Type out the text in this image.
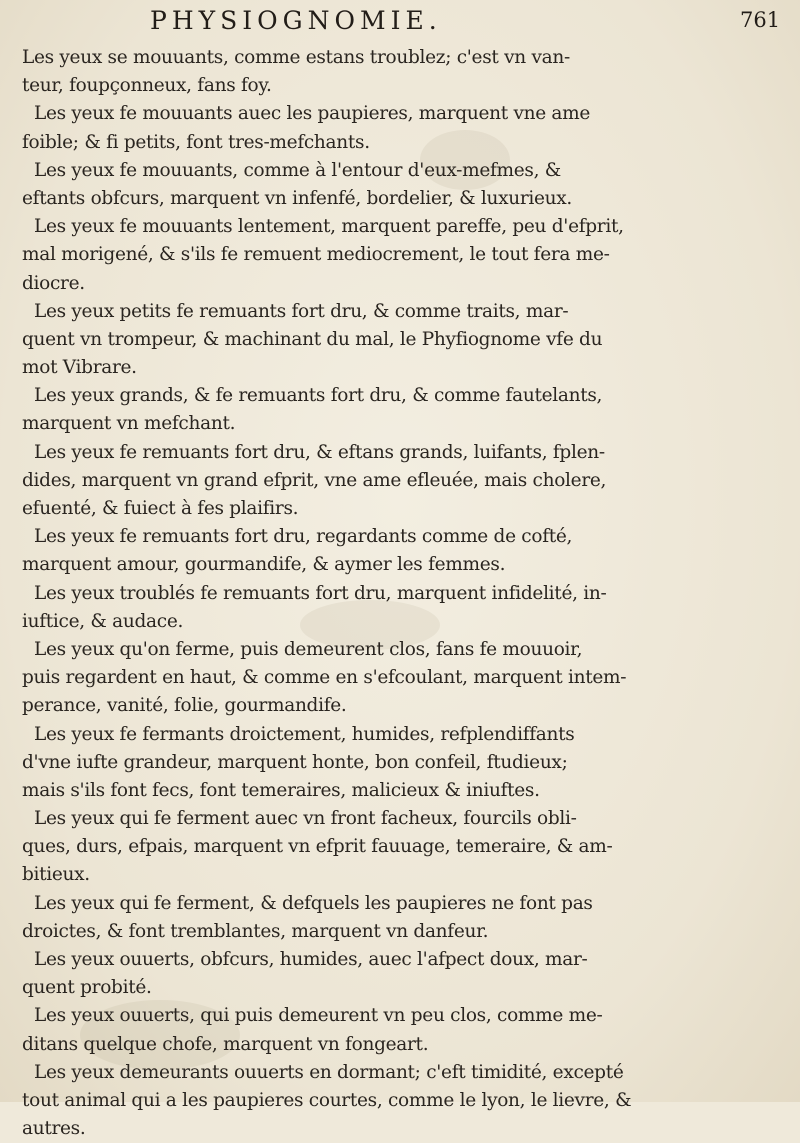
PHYSIOGNOMIE.	761
Les yeux se mouuants, comme estans troublez; c'est vn van-
teur, foupçonneux, fans foy.
Les yeux fe mouuants auec les paupieres, marquent vne ame
foible; & fi petits, font tres-mefchants.
Les yeux fe mouuants, comme à l'entour d'eux-mefmes, &
eftants obfcurs, marquent vn infenfé, bordelier, & luxurieux.
Les yeux fe mouuants lentement, marquent pareffe, peu d'efprit,
mal morigené, & s'ils fe remuent mediocrement, le tout fera me-
diocre.
Les yeux petits fe remuants fort dru, & comme traits, mar-
quent vn trompeur, & machinant du mal, le Phyfiognome vfe du
mot Vibrare.
Les yeux grands, & fe remuants fort dru, & comme fautelants,
marquent vn mefchant.
Les yeux fe remuants fort dru, & eftans grands, luifants, fplen-
dides, marquent vn grand efprit, vne ame efleuée, mais cholere,
efuenté, & fuiect à fes plaifirs.
Les yeux fe remuants fort dru, regardants comme de cofté,
marquent amour, gourmandife, & aymer les femmes.
Les yeux troublés fe remuants fort dru, marquent infidelité, in-
iuftice, & audace.
Les yeux qu'on ferme, puis demeurent clos, fans fe mouuoir,
puis regardent en haut, & comme en s'efcoulant, marquent intem-
perance, vanité, folie, gourmandife.
Les yeux fe fermants droictement, humides, refplendiffants
d'vne iufte grandeur, marquent honte, bon confeil, ftudieux;
mais s'ils font fecs, font temeraires, malicieux & iniuftes.
Les yeux qui fe ferment auec vn front facheux, fourcils obli-
ques, durs, efpais, marquent vn efprit fauuage, temeraire, & am-
bitieux.
Les yeux qui fe ferment, & defquels les paupieres ne font pas
droictes, & font tremblantes, marquent vn danfeur.
Les yeux ouuerts, obfcurs, humides, auec l'afpect doux, mar-
quent probité.
Les yeux ouuerts, qui puis demeurent vn peu clos, comme me-
ditans quelque chofe, marquent vn fongeart.
Les yeux demeurants ouuerts en dormant; c'eft timidité, excepté
tout animal qui a les paupieres courtes, comme le lyon, le lievre, &
autres.
